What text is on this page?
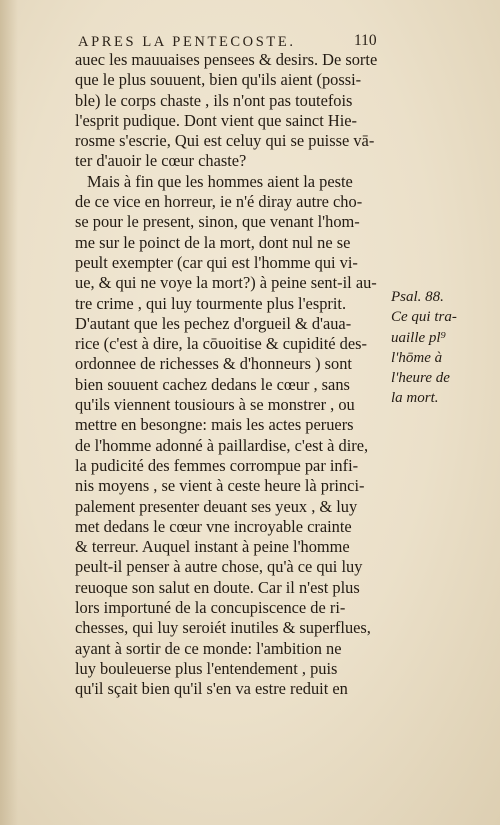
APRES LA PENTECOSTE.	110
auec les mauuaises pensees & desirs. De sorte
que le plus souuent, bien qu'ils aient (possi-
ble) le corps chaste , ils n'ont pas toutefois
l'esprit pudique. Dont vient que sainct Hie-
rosme s'escrie, Qui est celuy qui se puisse vā-
ter d'auoir le cœur chaste?
Mais à fin que les hommes aient la peste
de ce vice en horreur, ie n'é diray autre cho-
se pour le present, sinon, que venant l'hom-
me sur le poinct de la mort, dont nul ne se
peult exempter (car qui est l'homme qui vi-
ue, & qui ne voye la mort?) à peine sent-il au-
tre crime , qui luy tourmente plus l'esprit.
D'autant que les pechez d'orgueil & d'aua-
rice (c'est à dire, la cōuoitise & cupidité des-
ordonnee de richesses & d'honneurs ) sont
bien souuent cachez dedans le cœur , sans
qu'ils viennent tousiours à se monstrer , ou
mettre en besongne: mais les actes peruers
de l'homme adonné à paillardise, c'est à dire,
la pudicité des femmes corrompue par infi-
nis moyens , se vient à ceste heure là princi-
palement presenter deuant ses yeux , & luy
met dedans le cœur vne incroyable crainte
& terreur. Auquel instant à peine l'homme
peult-il penser à autre chose, qu'à ce qui luy
reuoque son salut en doute. Car il n'est plus
lors importuné de la concupiscence de ri-
chesses, qui luy seroiét inutiles & superflues,
ayant à sortir de ce monde: l'ambition ne
luy bouleuerse plus l'entendement , puis
qu'il sçait bien qu'il s'en va estre reduit en
Psal. 88.
Ce qui tra-
uaille pl⁹
l'hōme à
l'heure de
la mort.
